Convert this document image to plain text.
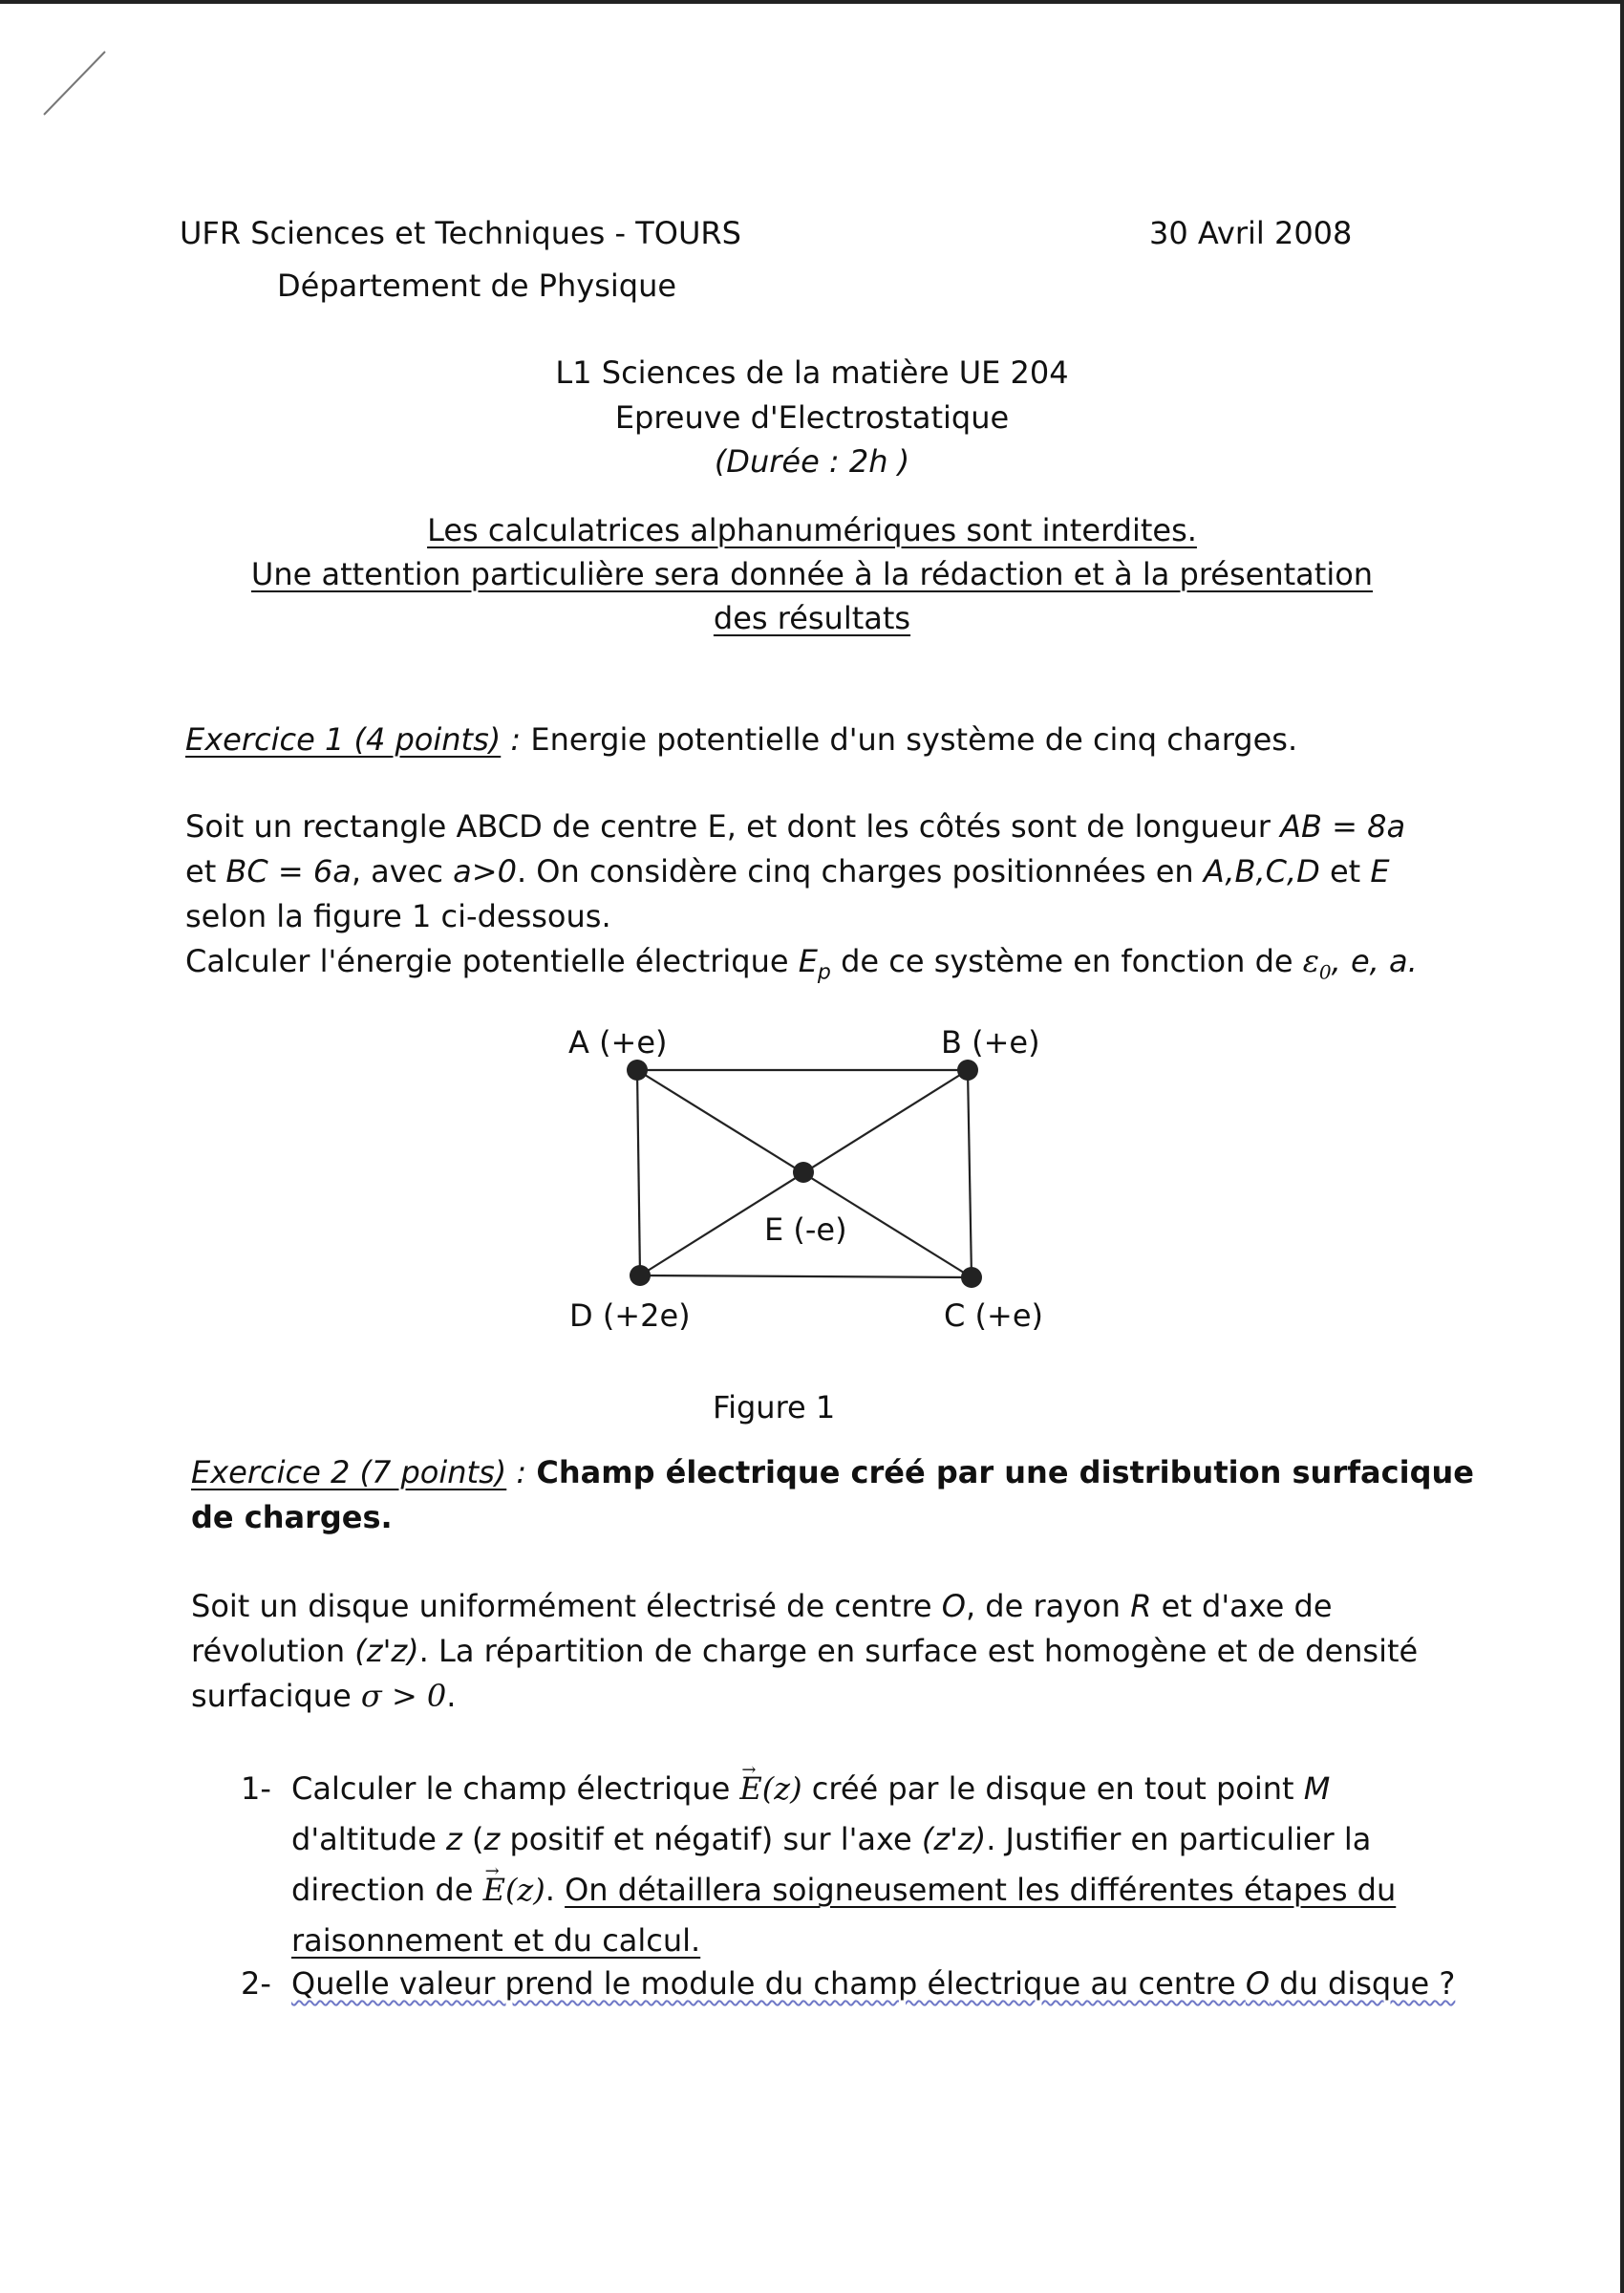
UFR Sciences et Techniques - TOURS	30 Avril 2008
Département de Physique
L1 Sciences de la matière UE 204
Epreuve d'Electrostatique
(Durée : 2h )
Les calculatrices alphanumériques sont interdites.
Une attention particulière sera donnée à la rédaction et à la présentation
des résultats
Exercice 1 (4 points) : Energie potentielle d'un système de cinq charges.
Soit un rectangle ABCD de centre E, et dont les côtés sont de longueur AB = 8a
et BC = 6a, avec a>0. On considère cinq charges positionnées en A,B,C,D et E
selon la figure 1 ci-dessous.
Calculer l'énergie potentielle électrique $E_p$ de ce système en fonction de $\varepsilon_0$, e, a.
A (+e)	B (+e)
E (-e)
D (+2e)	C (+e)
Figure 1
Exercice 2 (7 points) : Champ électrique créé par une distribution surfacique
de charges.
Soit un disque uniformément électrisé de centre O, de rayon R et d'axe de
révolution (z'z). La répartition de charge en surface est homogène et de densité
surfacique σ > 0.
1- Calculer le champ électrique → E(z) créé par le disque en tout point M
d'altitude z (z positif et négatif) sur l'axe (z'z). Justifier en particulier la
direction de → E(z). On détaillera soigneusement les différentes étapes du
raisonnement et du calcul.
2- Quelle valeur prend le module du champ électrique au centre O du disque ?
